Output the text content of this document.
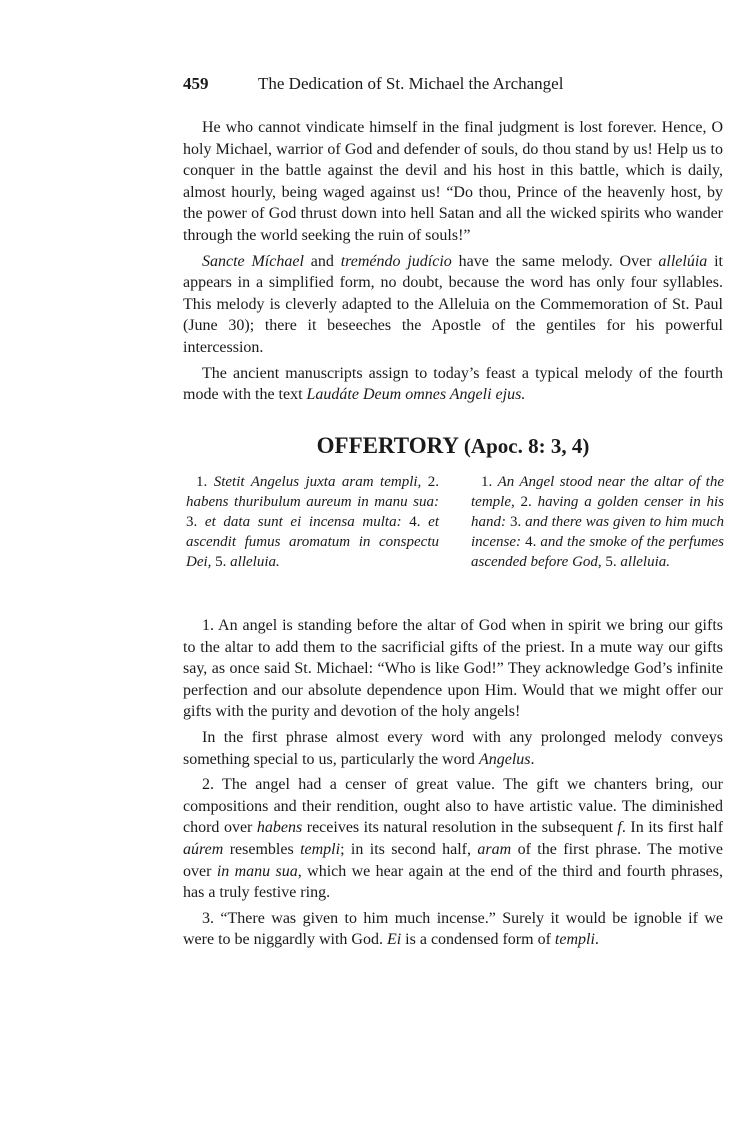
459	The Dedication of St. Michael the Archangel

He who cannot vindicate himself in the final judgment is lost forever. Hence, O holy Michael, warrior of God and defender of souls, do thou stand by us! Help us to conquer in the battle against the devil and his host in this battle, which is daily, almost hourly, being waged against us! “Do thou, Prince of the heavenly host, by the power of God thrust down into hell Satan and all the wicked spirits who wander through the world seeking the ruin of souls!”

Sancte Míchael and treméndo judício have the same melody. Over allelúia it appears in a simplified form, no doubt, because the word has only four syllables. This melody is cleverly adapted to the Alleluia on the Commemoration of St. Paul (June 30); there it beseeches the Apostle of the gentiles for his powerful intercession.

The ancient manuscripts assign to today’s feast a typical melody of the fourth mode with the text Laudáte Deum omnes Angeli ejus.

OFFERTORY (Apoc. 8: 3, 4)

1. Stetit Angelus juxta aram templi, 2. habens thuribulum aureum in manu sua: 3. et data sunt ei incensa multa: 4. et ascendit fumus aromatum in conspectu Dei, 5. alleluia.

1. An Angel stood near the altar of the temple, 2. having a golden censer in his hand: 3. and there was given to him much incense: 4. and the smoke of the perfumes ascended before God, 5. alleluia.

1. An angel is standing before the altar of God when in spirit we bring our gifts to the altar to add them to the sacrificial gifts of the priest. In a mute way our gifts say, as once said St. Michael: “Who is like God!” They acknowledge God’s infinite perfection and our absolute dependence upon Him. Would that we might offer our gifts with the purity and devotion of the holy angels!

In the first phrase almost every word with any prolonged melody conveys something special to us, particularly the word Angelus.

2. The angel had a censer of great value. The gift we chanters bring, our compositions and their rendition, ought also to have artistic value. The diminished chord over habens receives its natural resolution in the subsequent f. In its first half aúrem resembles templi; in its second half, aram of the first phrase. The motive over in manu sua, which we hear again at the end of the third and fourth phrases, has a truly festive ring.

3. “There was given to him much incense.” Surely it would be ignoble if we were to be niggardly with God. Ei is a condensed form of templi.
